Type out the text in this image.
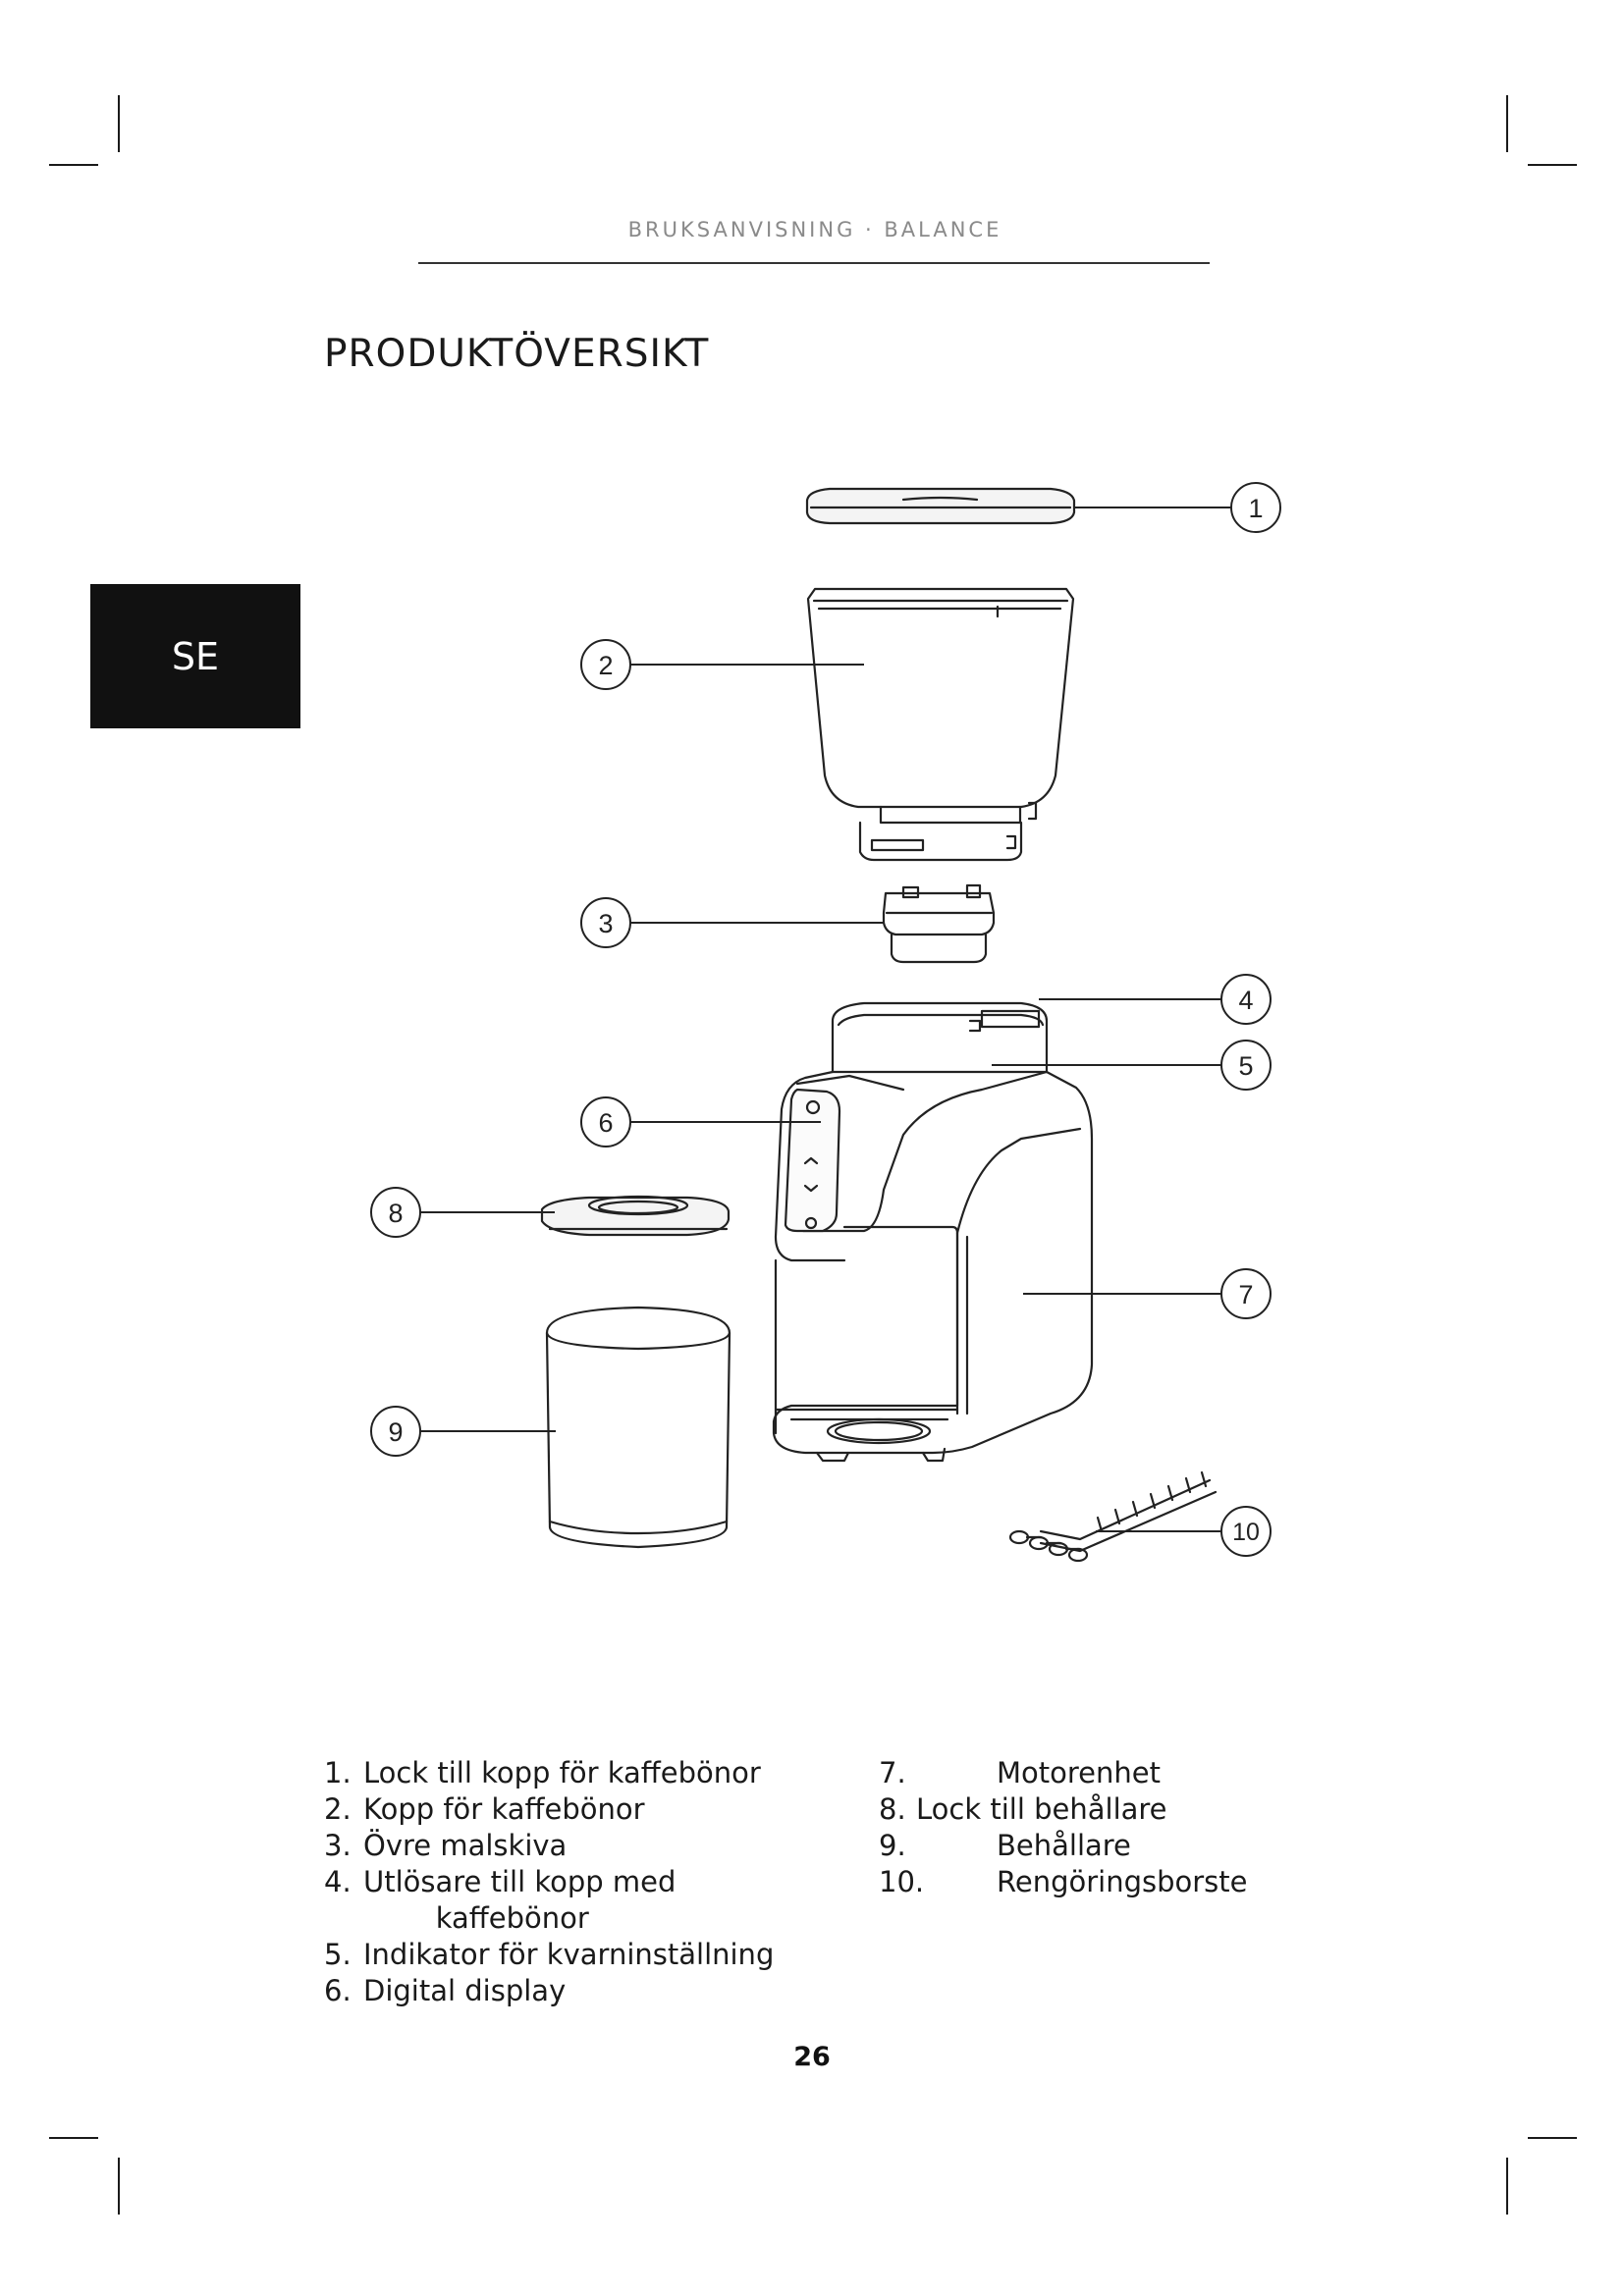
BRUKSANVISNING · BALANCE
PRODUKTÖVERSIKT
SE
1
2
3
4
5
6
7
8
9
10
1. Lock till kopp för kaffebönor
2. Kopp för kaffebönor
3. Övre malskiva
4. Utlösare till kopp med
kaffebönor
5. Indikator för kvarninställning
6. Digital display
7.	Motorenhet
8. Lock till behållare
9.	Behållare
10.	Rengöringsborste
26
